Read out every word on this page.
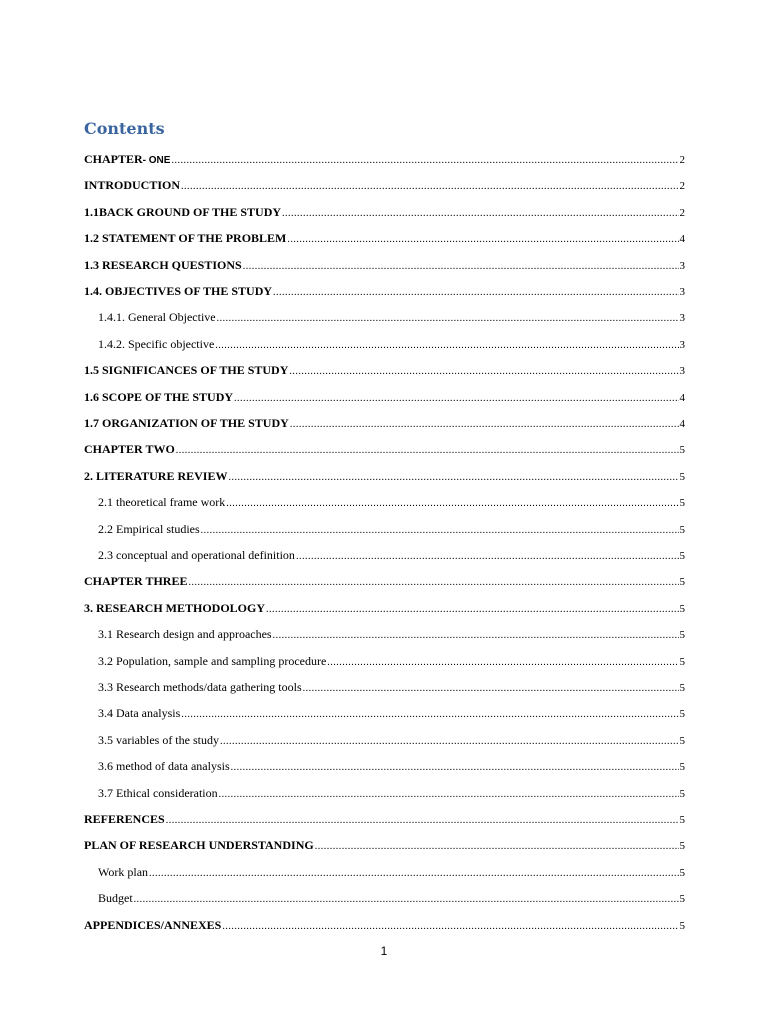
Contents
CHAPTER- ONE .....	2
INTRODUCTION .....	2
1.1BACK GROUND OF THE STUDY .....	2
1.2 STATEMENT OF THE PROBLEM .....	4
1.3 RESEARCH QUESTIONS .....	3
1.4. OBJECTIVES OF THE STUDY .....	3
1.4.1. General Objective .....	3
1.4.2. Specific objective .....	3
1.5 SIGNIFICANCES OF THE STUDY .....	3
1.6 SCOPE OF THE STUDY .....	4
1.7 ORGANIZATION OF THE STUDY .....	4
CHAPTER TWO .....	5
2. LITERATURE REVIEW .....	5
2.1 theoretical frame work .....	5
2.2 Empirical studies .....	5
2.3 conceptual and operational definition .....	5
CHAPTER THREE .....	5
3. RESEARCH METHODOLOGY .....	5
3.1 Research design and approaches .....	5
3.2 Population, sample and sampling procedure .....	5
3.3 Research methods/data gathering tools .....	5
3.4 Data analysis .....	5
3.5 variables of the study .....	5
3.6 method of data analysis .....	5
3.7 Ethical consideration .....	5
REFERENCES .....	5
PLAN OF RESEARCH UNDERSTANDING .....	5
Work plan .....	5
Budget .....	5
APPENDICES/ANNEXES .....	5

1
